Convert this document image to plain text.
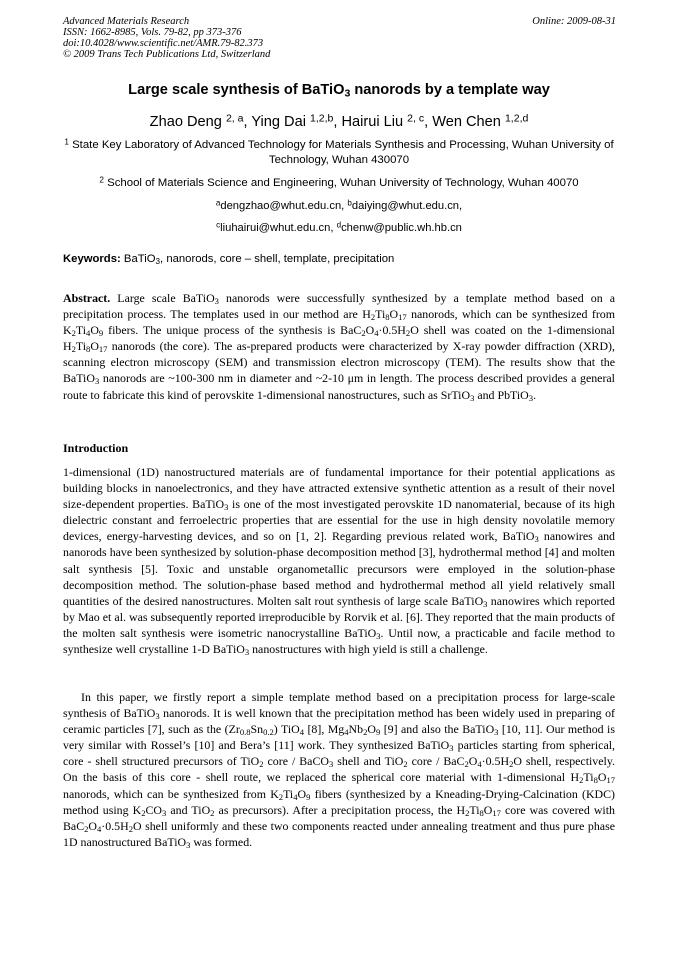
Advanced Materials Research
ISSN: 1662-8985, Vols. 79-82, pp 373-376
doi:10.4028/www.scientific.net/AMR.79-82.373
© 2009 Trans Tech Publications Ltd, Switzerland
Online: 2009-08-31
Large scale synthesis of BaTiO$_3$ nanorods by a template way
Zhao Deng $^{2, a}$, Ying Dai $^{1,2,b}$, Hairui Liu $^{2, c}$, Wen Chen $^{1,2,d}$
$^1$ State Key Laboratory of Advanced Technology for Materials Synthesis and Processing, Wuhan University of Technology, Wuhan 430070
$^2$ School of Materials Science and Engineering, Wuhan University of Technology, Wuhan 40070
$^a$dengzhao@whut.edu.cn, $^b$daiying@whut.edu.cn,
$^c$liuhairui@whut.edu.cn, $^d$chenw@public.wh.hb.cn
Keywords: BaTiO$_3$, nanorods, core – shell, template, precipitation
Abstract. Large scale BaTiO$_3$ nanorods were successfully synthesized by a template method based on a precipitation process. The templates used in our method are $H_2Ti_8O_{17}$ nanorods, which can be synthesized from $K_2Ti_4O_9$ fibers. The unique process of the synthesis is $BaC_2O_4\cdot 0.5H_2O$ shell was coated on the 1-dimensional $H_2Ti_8O_{17}$ nanorods (the core). The as-prepared products were characterized by X-ray powder diffraction (XRD), scanning electron microscopy (SEM) and transmission electron microscopy (TEM). The results show that the BaTiO$_3$ nanorods are ~100-300 nm in diameter and ~2-10 μm in length. The process described provides a general route to fabricate this kind of perovskite 1-dimensional nanostructures, such as SrTiO$_3$ and PbTiO$_3$.
Introduction
1-dimensional (1D) nanostructured materials are of fundamental importance for their potential applications as building blocks in nanoelectronics, and they have attracted extensive synthetic attention as a result of their novel size-dependent properties. BaTiO$_3$ is one of the most investigated perovskite 1D nanomaterial, because of its high dielectric constant and ferroelectric properties that are essential for the use in high density novolatile memory devices, energy-harvesting devices, and so on [1, 2]. Regarding previous related work, BaTiO$_3$ nanowires and nanorods have been synthesized by solution-phase decomposition method [3], hydrothermal method [4] and molten salt synthesis [5]. Toxic and unstable organometallic precursors were employed in the solution-phase decomposition method. The solution-phase based method and hydrothermal method all yield relatively small quantities of the desired nanostructures. Molten salt rout synthesis of large scale BaTiO$_3$ nanowires which reported by Mao et al. was subsequently reported irreproducible by Rorvik et al. [6]. They reported that the main products of the molten salt synthesis were isometric nanocrystalline BaTiO$_3$. Until now, a practicable and facile method to synthesize well crystalline 1-D BaTiO$_3$ nanostructures with high yield is still a challenge.
In this paper, we firstly report a simple template method based on a precipitation process for large-scale synthesis of BaTiO$_3$ nanorods. It is well known that the precipitation method has been widely used in preparing of ceramic particles [7], such as the $(Zr_{0.8}Sn_{0.2})$ TiO$_4$ [8], $Mg_4Nb_2O_9$ [9] and also the BaTiO$_3$ [10, 11]. Our method is very similar with Rossel’s [10] and Bera’s [11] work. They synthesized BaTiO$_3$ particles starting from spherical, core - shell structured precursors of TiO$_2$ core / BaCO$_3$ shell and TiO$_2$ core / $BaC_2O_4\cdot 0.5H_2O$ shell, respectively. On the basis of this core - shell route, we replaced the spherical core material with 1-dimensional $H_2Ti_8O_{17}$ nanorods, which can be synthesized from $K_2Ti_4O_9$ fibers (synthesized by a Kneading-Drying-Calcination (KDC) method using $K_2CO_3$ and TiO$_2$ as precursors). After a precipitation process, the $H_2Ti_8O_{17}$ core was covered with $BaC_2O_4\cdot 0.5H_2O$ shell uniformly and these two components reacted under annealing treatment and thus pure phase 1D nanostructured BaTiO$_3$ was formed.
